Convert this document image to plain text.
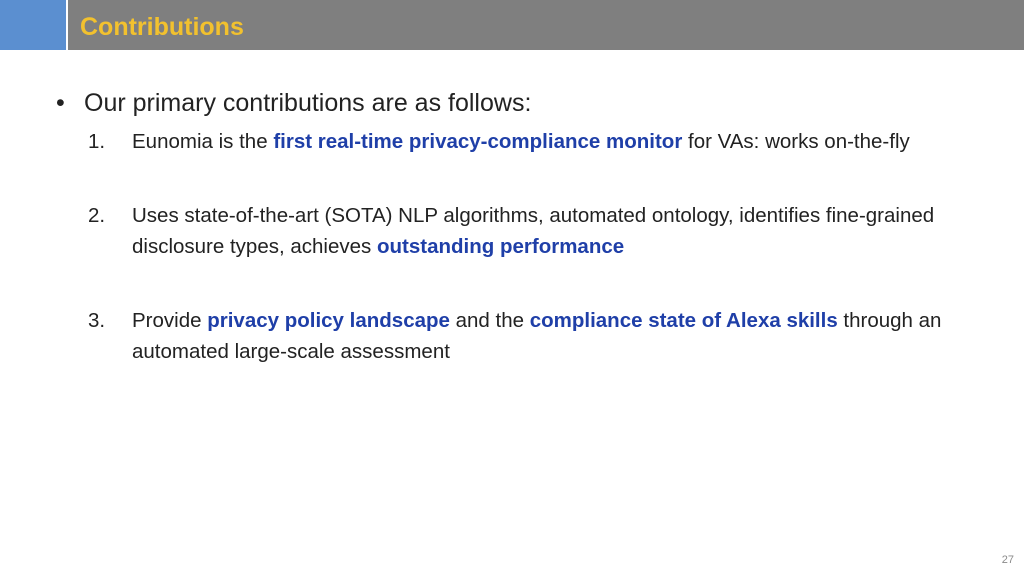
Contributions
• Our primary contributions are as follows:
1.	Eunomia is the first real-time privacy-compliance monitor for VAs: works on-the-fly
2.	Uses state-of-the-art (SOTA) NLP algorithms, automated ontology, identifies fine-grained disclosure types, achieves outstanding performance
3.	Provide privacy policy landscape and the compliance state of Alexa skills through an automated large-scale assessment
27
